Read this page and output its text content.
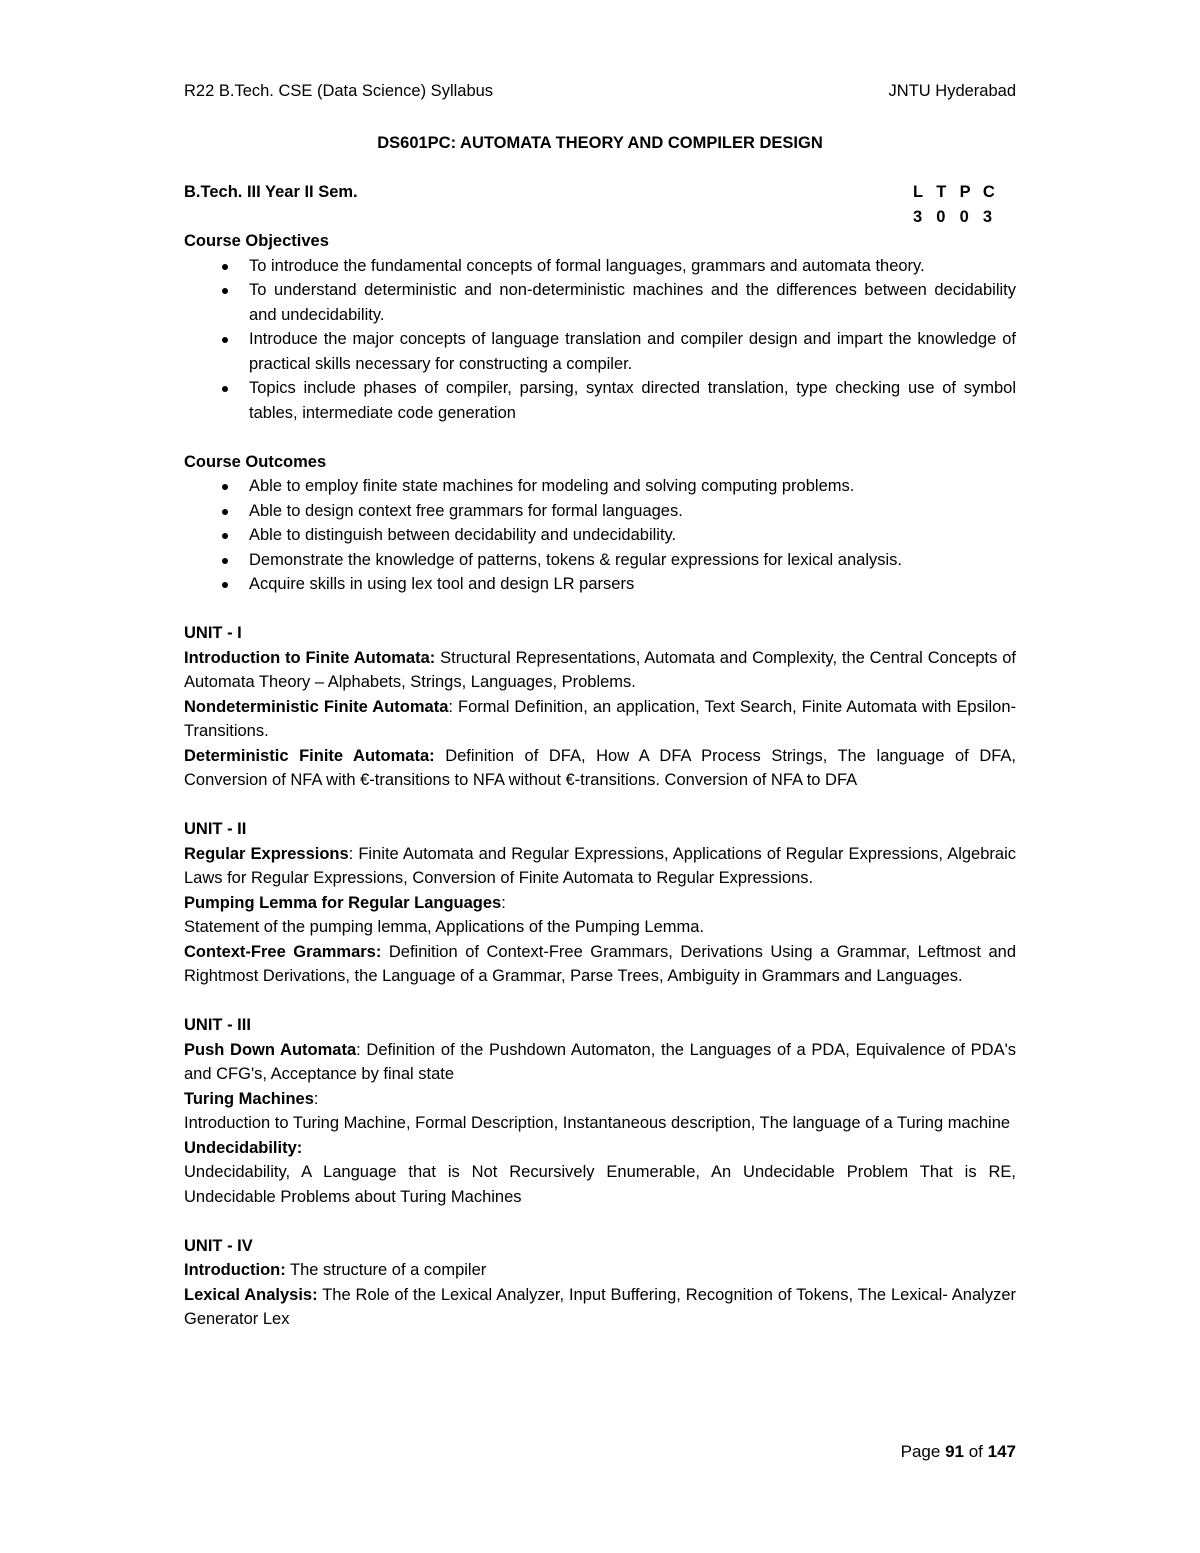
R22 B.Tech. CSE (Data Science) Syllabus	JNTU Hyderabad
DS601PC: AUTOMATA THEORY AND COMPILER DESIGN
B.Tech. III Year II Sem.	L T P C
3 0 0 3
Course Objectives
To introduce the fundamental concepts of formal languages, grammars and automata theory.
To understand deterministic and non-deterministic machines and the differences between decidability and undecidability.
Introduce the major concepts of language translation and compiler design and impart the knowledge of practical skills necessary for constructing a compiler.
Topics include phases of compiler, parsing, syntax directed translation, type checking use of symbol tables, intermediate code generation
Course Outcomes
Able to employ finite state machines for modeling and solving computing problems.
Able to design context free grammars for formal languages.
Able to distinguish between decidability and undecidability.
Demonstrate the knowledge of patterns, tokens & regular expressions for lexical analysis.
Acquire skills in using lex tool and design LR parsers
UNIT - I

Introduction to Finite Automata: Structural Representations, Automata and Complexity, the Central Concepts of Automata Theory – Alphabets, Strings, Languages, Problems.

Nondeterministic Finite Automata: Formal Definition, an application, Text Search, Finite Automata with Epsilon-Transitions.

Deterministic Finite Automata: Definition of DFA, How A DFA Process Strings, The language of DFA, Conversion of NFA with €-transitions to NFA without €-transitions. Conversion of NFA to DFA

UNIT - II

Regular Expressions: Finite Automata and Regular Expressions, Applications of Regular Expressions, Algebraic Laws for Regular Expressions, Conversion of Finite Automata to Regular Expressions.

Pumping Lemma for Regular Languages:

Statement of the pumping lemma, Applications of the Pumping Lemma.

Context-Free Grammars: Definition of Context-Free Grammars, Derivations Using a Grammar, Leftmost and Rightmost Derivations, the Language of a Grammar, Parse Trees, Ambiguity in Grammars and Languages.

UNIT - III

Push Down Automata: Definition of the Pushdown Automaton, the Languages of a PDA, Equivalence of PDA's and CFG's, Acceptance by final state

Turing Machines:

Introduction to Turing Machine, Formal Description, Instantaneous description, The language of a Turing machine

Undecidability:

Undecidability, A Language that is Not Recursively Enumerable, An Undecidable Problem That is RE, Undecidable Problems about Turing Machines

UNIT - IV

Introduction: The structure of a compiler

Lexical Analysis: The Role of the Lexical Analyzer, Input Buffering, Recognition of Tokens, The Lexical- Analyzer Generator Lex

Page 91 of 147
